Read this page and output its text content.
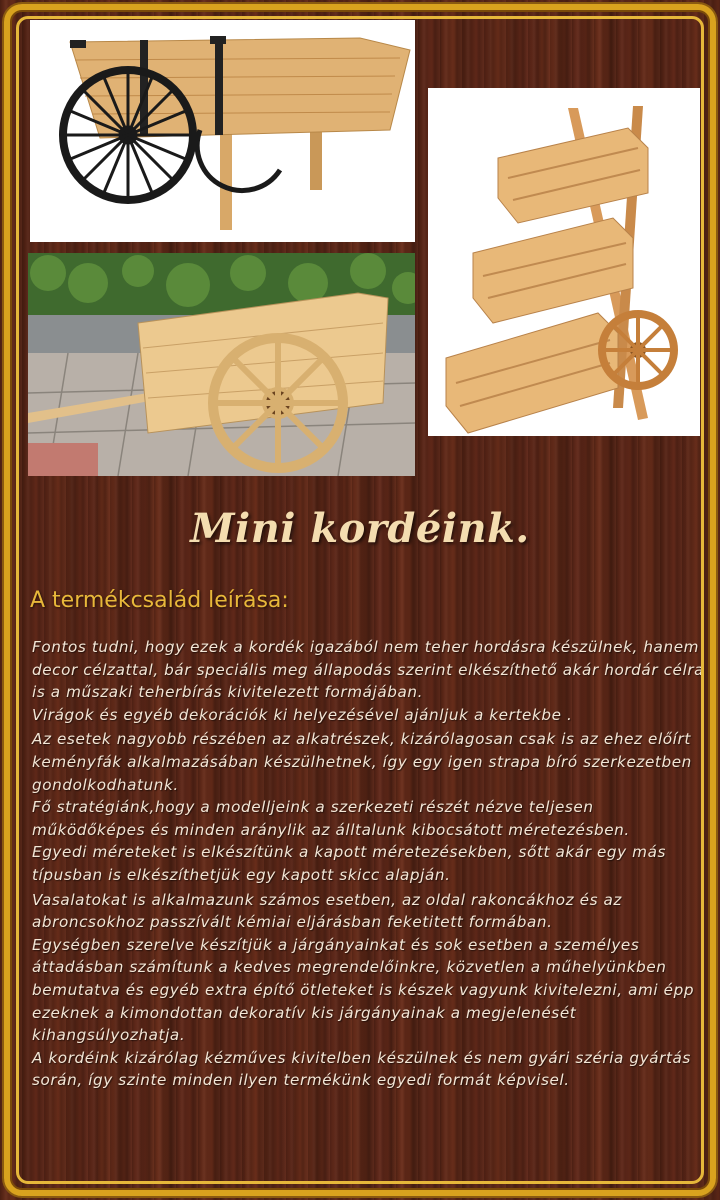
Mini kordéink.
A termékcsalád leírása:

Fontos tudni, hogy ezek a kordék igazából nem teher hordásra készülnek, hanem decor célzattal, bár speciális meg állapodás szerint elkészíthető akár hordár célra is a műszaki teherbírás kivitelezett formájában.

Virágok és egyéb dekorációk ki helyezésével ajánljuk a kertekbe .

Az esetek nagyobb részében az alkatrészek, kizárólagosan csak is az ehez előírt keményfák alkalmazásában készülhetnek, így egy igen strapa bíró szerkezetben gondolkodhatunk.

Fő stratégiánk,hogy a modelljeink a szerkezeti részét nézve teljesen működőképes és minden aránylik az álltalunk kibocsátott méretezésben.

Egyedi méreteket is elkészítünk a kapott méretezésekben, sőtt akár egy más típusban is elkészíthetjük egy kapott skicc alapján.

Vasalatokat is alkalmazunk számos esetben, az oldal rakoncákhoz és az abroncsokhoz passzívált kémiai eljárásban feketitett formában.

Egységben szerelve készítjük a járgányainkat és sok esetben a személyes áttadásban számítunk a kedves megrendelőinkre, közvetlen a műhelyünkben bemutatva és egyéb extra építő ötleteket is készek vagyunk kivitelezni, ami épp ezeknek a kimondottan dekoratív kis járgányainak a megjelenését kihangsúlyozhatja.

A kordéink kizárólag kézműves kivitelben készülnek és nem gyári széria gyártás során, így szinte minden ilyen termékünk egyedi formát képvisel.
